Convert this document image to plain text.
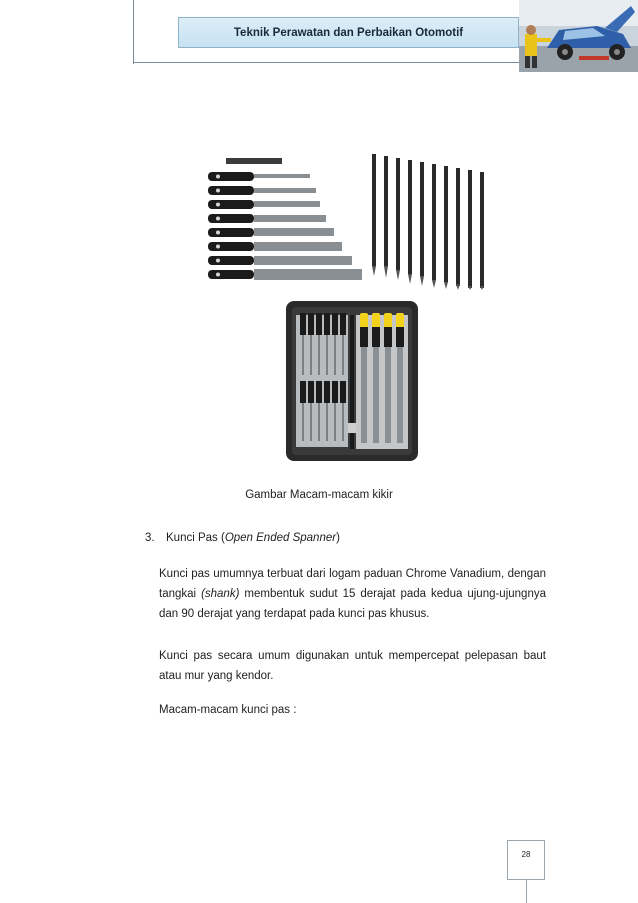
Teknik Perawatan dan Perbaikan Otomotif
Gambar Macam-macam kikir
3. Kunci Pas (Open Ended Spanner)
Kunci pas umumnya terbuat dari logam paduan Chrome Vanadium, dengan tangkai (shank) membentuk sudut 15 derajat pada kedua ujung-ujungnya dan 90 derajat yang terdapat pada kunci pas khusus.
Kunci pas secara umum digunakan untuk mempercepat pelepasan baut atau mur yang kendor.
Macam-macam kunci pas :
28
